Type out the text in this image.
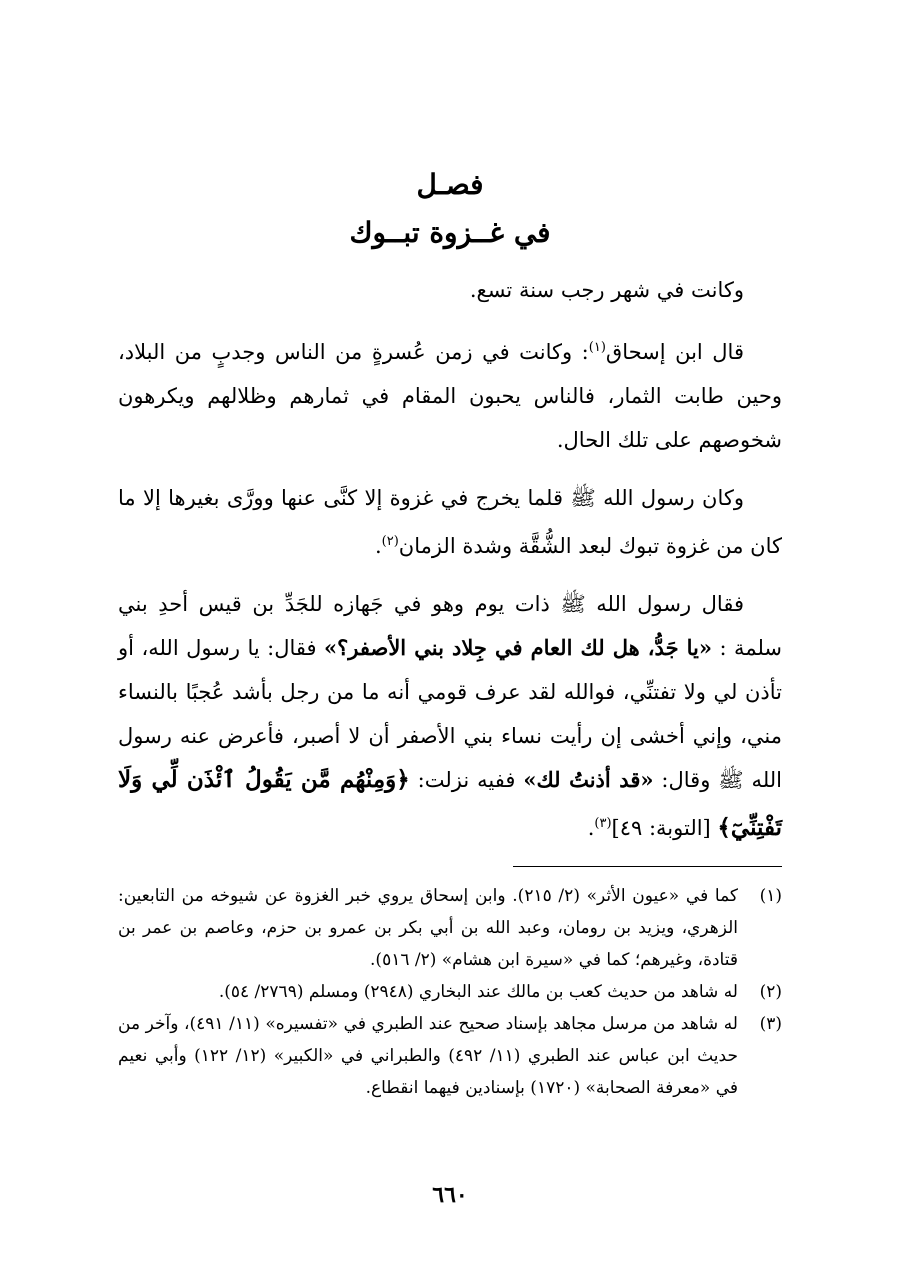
فصـل
في غــزوة تبــوك

وكانت في شهر رجب سنة تسع.

قال ابن إسحاق$^{(١)}$: وكانت في زمن عُسرةٍ من الناس وجدبٍ من البلاد، وحين طابت الثمار، فالناس يحبون المقام في ثمارهم وظلالهم ويكرهون شخوصهم على تلك الحال.

وكان رسول الله ﷺ قلما يخرج في غزوة إلا كنَّى عنها وورَّى بغيرها إلا ما كان من غزوة تبوك لبعد الشُّقَّة وشدة الزمان$^{(٢)}$.

فقال رسول الله ﷺ ذات يوم وهو في جَهازه للجَدِّ بن قيس أحدِ بني سلمة : «يا جَدُّ، هل لك العام في جِلاد بني الأصفر؟» فقال: يا رسول الله، أو تأذن لي ولا تفتنِّي، فوالله لقد عرف قومي أنه ما من رجل بأشد عُجبًا بالنساء مني، وإني أخشى إن رأيت نساء بني الأصفر أن لا أصبر، فأعرض عنه رسول الله ﷺ وقال: «قد أذنتُ لك» ففيه نزلت: ﴿وَمِنْهُم مَّن يَقُولُ ٱئْذَن لِّي وَلَا تَفْتِنِّيٓ﴾ [التوبة: ٤٩]$^{(٣)}$.

(١)
كما في «عيون الأثر» (٢/ ٢١٥). وابن إسحاق يروي خبر الغزوة عن شيوخه من التابعين: الزهري، ويزيد بن رومان، وعبد الله بن أبي بكر بن عمرو بن حزم، وعاصم بن عمر بن قتادة، وغيرهم؛ كما في «سيرة ابن هشام» (٢/ ٥١٦).
(٢)
له شاهد من حديث كعب بن مالك عند البخاري (٢٩٤٨) ومسلم (٢٧٦٩/ ٥٤).
(٣)
له شاهد من مرسل مجاهد بإسناد صحيح عند الطبري في «تفسيره» (١١/ ٤٩١)، وآخر من حديث ابن عباس عند الطبري (١١/ ٤٩٢) والطبراني في «الكبير» (١٢/ ١٢٢) وأبي نعيم في «معرفة الصحابة» (١٧٢٠) بإسنادين فيهما انقطاع.
٦٦٠
